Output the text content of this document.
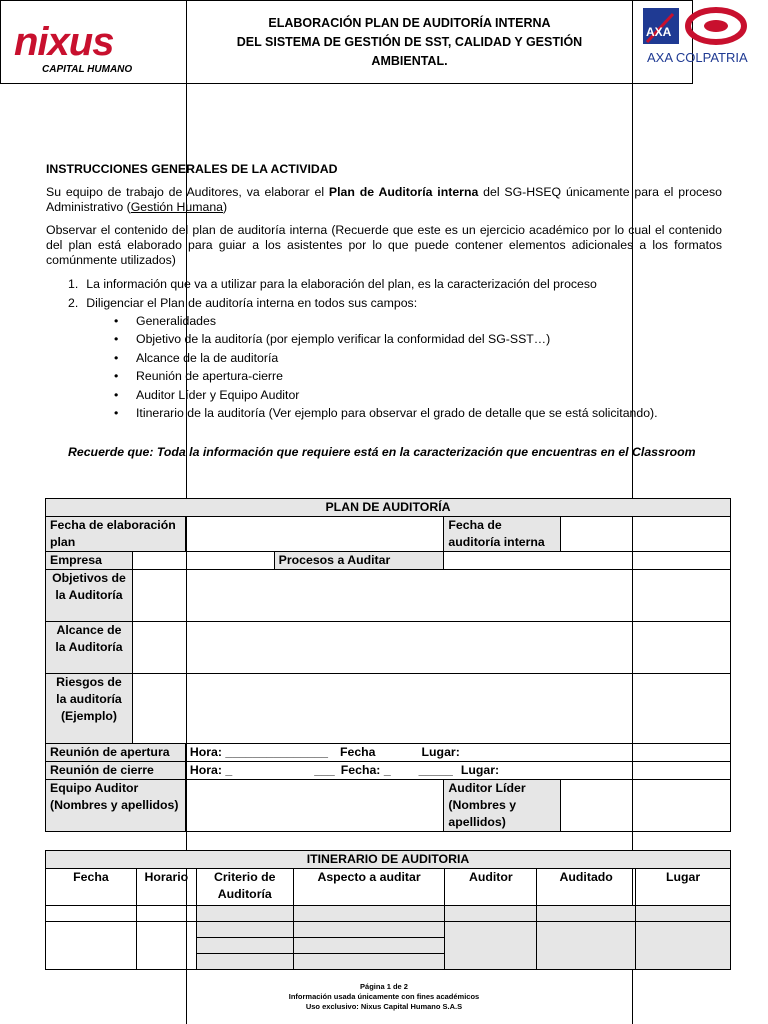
nixus
CAPITAL HUMANO
ELABORACIÓN PLAN DE AUDITORÍA INTERNA
DEL SISTEMA DE GESTIÓN DE SST, CALIDAD Y GESTIÓN
AMBIENTAL.
AXA
AXA COLPATRIA
INSTRUCCIONES GENERALES DE LA ACTIVIDAD
Su equipo de trabajo de Auditores, va elaborar el Plan de Auditoría interna del SG-HSEQ únicamente para el proceso
Administrativo (Gestión Humana)
Observar el contenido del plan de auditoría interna (Recuerde que este es un ejercicio académico por lo cual el contenido
del plan está elaborado para guiar a los asistentes por lo que puede contener elementos adicionales a los formatos
comúnmente utilizados)
1. La información que va a utilizar para la elaboración del plan, es la caracterización del proceso
2. Diligenciar el Plan de auditoría interna en todos sus campos:
• Generalidades
• Objetivo de la auditoría (por ejemplo verificar la conformidad del SG-SST…)
• Alcance de la de auditoría
• Reunión de apertura-cierre
• Auditor Líder y Equipo Auditor
• Itinerario de la auditoría (Ver ejemplo para observar el grado de detalle que se está solicitando).
Recuerde que: Toda la información que requiere está en la caracterización que encuentras en el Classroom
PLAN DE AUDITORÍA					
Fecha de elaboración plan				Fecha de auditoría interna	
Empresa			Procesos a Auditar		
Objetivos de la Auditoría					
Alcance de la Auditoría					
Riesgos de la auditoría (Ejemplo)					
Reunión de apertura		Hora: _______________ Fecha Lugar:			
Reunión de cierre		Hora: _ ___ Fecha: _ _____ Lugar:			
Equipo Auditor (Nombres y apellidos)				Auditor Líder (Nombres y apellidos)	
ITINERARIO DE AUDITORIA						
Fecha	Horario	Criterio de Auditoría	Aspecto a auditar	Auditor	Auditado	Lugar

Página 1 de 2
Información usada únicamente con fines académicos
Uso exclusivo: Nixus Capital Humano S.A.S
